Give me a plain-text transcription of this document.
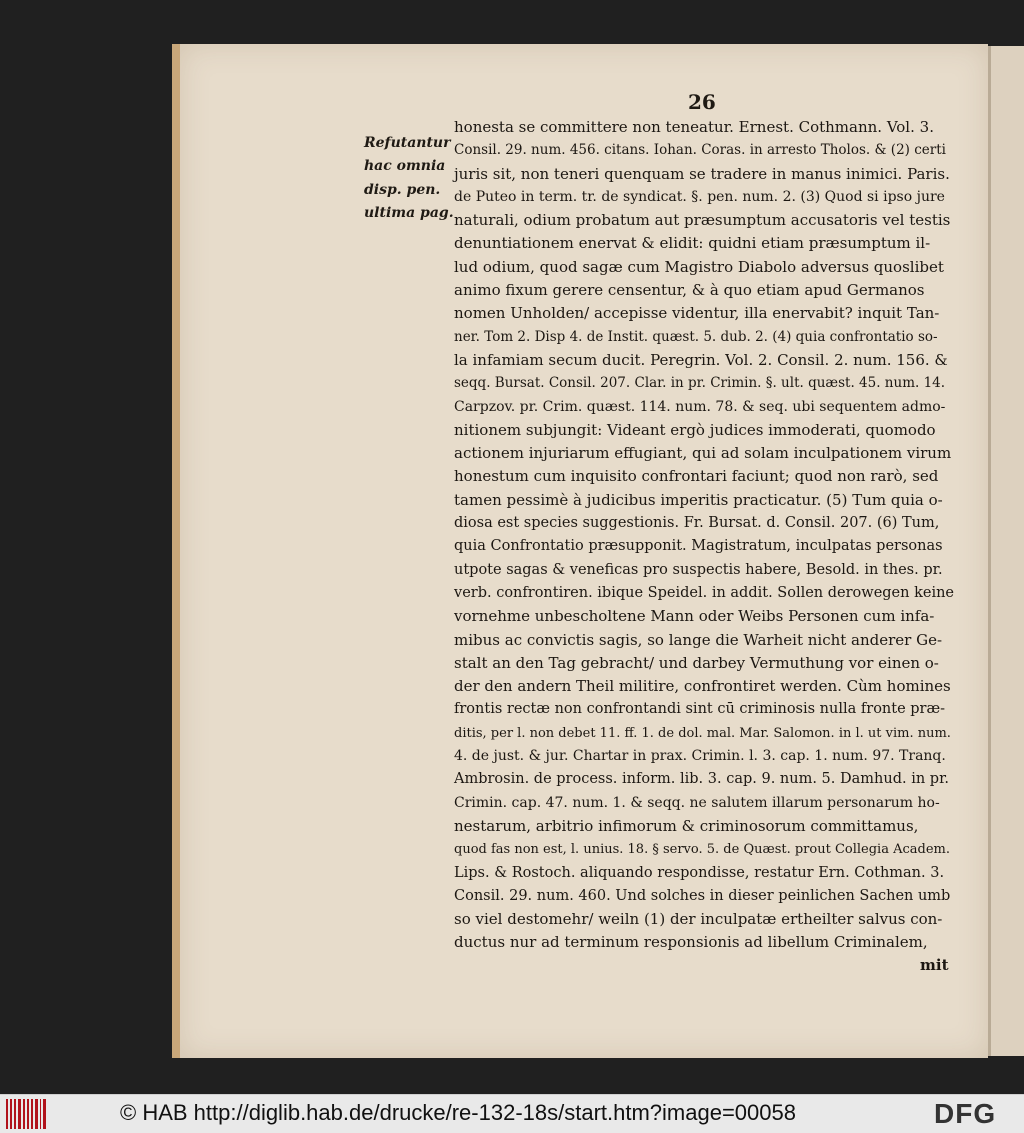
26
Refutantur
hac omnia
disp. pen.
ultima pag.
honesta se committere non teneatur. Ernest. Cothmann. Vol. 3.
Consil. 29. num. 456. citans. Iohan. Coras. in arresto Tholos. & (2) certi
juris sit, non teneri quenquam se tradere in manus inimici. Paris.
de Puteo in term. tr. de syndicat. §. pen. num. 2. (3) Quod si ipso jure
naturali, odium probatum aut præsumptum accusatoris vel testis
denuntiationem enervat & elidit: quidni etiam præsumptum il-
lud odium, quod sagæ cum Magistro Diabolo adversus quoslibet
animo fixum gerere censentur, & à quo etiam apud Germanos
nomen Unholden/ accepisse videntur, illa enervabit? inquit Tan-
ner. Tom 2. Disp 4. de Instit. quæst. 5. dub. 2. (4) quia confrontatio so-
la infamiam secum ducit. Peregrin. Vol. 2. Consil. 2. num. 156. &
seqq. Bursat. Consil. 207. Clar. in pr. Crimin. §. ult. quæst. 45. num. 14.
Carpzov. pr. Crim. quæst. 114. num. 78. & seq. ubi sequentem admo-
nitionem subjungit: Videant ergò judices immoderati, quomodo
actionem injuriarum effugiant, qui ad solam inculpationem virum
honestum cum inquisito confrontari faciunt; quod non rarò, sed
tamen pessimè à judicibus imperitis practicatur. (5) Tum quia o-
diosa est species suggestionis. Fr. Bursat. d. Consil. 207. (6) Tum,
quia Confrontatio præsupponit. Magistratum, inculpatas personas
utpote sagas & veneficas pro suspectis habere, Besold. in thes. pr.
verb. confrontiren. ibique Speidel. in addit. Sollen derowegen keine
vornehme unbescholtene Mann oder Weibs Personen cum infa-
mibus ac convictis sagis, so lange die Warheit nicht anderer Ge-
stalt an den Tag gebracht/ und darbey Vermuthung vor einen o-
der den andern Theil militire, confrontiret werden. Cùm homines
frontis rectæ non confrontandi sint cū criminosis nulla fronte præ-
ditis, per l. non debet 11. ff. 1. de dol. mal. Mar. Salomon. in l. ut vim. num.
4. de just. & jur. Chartar in prax. Crimin. l. 3. cap. 1. num. 97. Tranq.
Ambrosin. de process. inform. lib. 3. cap. 9. num. 5. Damhud. in pr.
Crimin. cap. 47. num. 1. & seqq. ne salutem illarum personarum ho-
nestarum, arbitrio infimorum & criminosorum committamus,
quod fas non est, l. unius. 18. § servo. 5. de Quæst. prout Collegia Academ.
Lips. & Rostoch. aliquando respondisse, restatur Ern. Cothman. 3.
Consil. 29. num. 460. Und solches in dieser peinlichen Sachen umb
so viel destomehr/ weiln (1) der inculpatæ ertheilter salvus con-
ductus nur ad terminum responsionis ad libellum Criminalem,
mit
© HAB http://diglib.hab.de/drucke/re-132-18s/start.htm?image=00058	DFG
